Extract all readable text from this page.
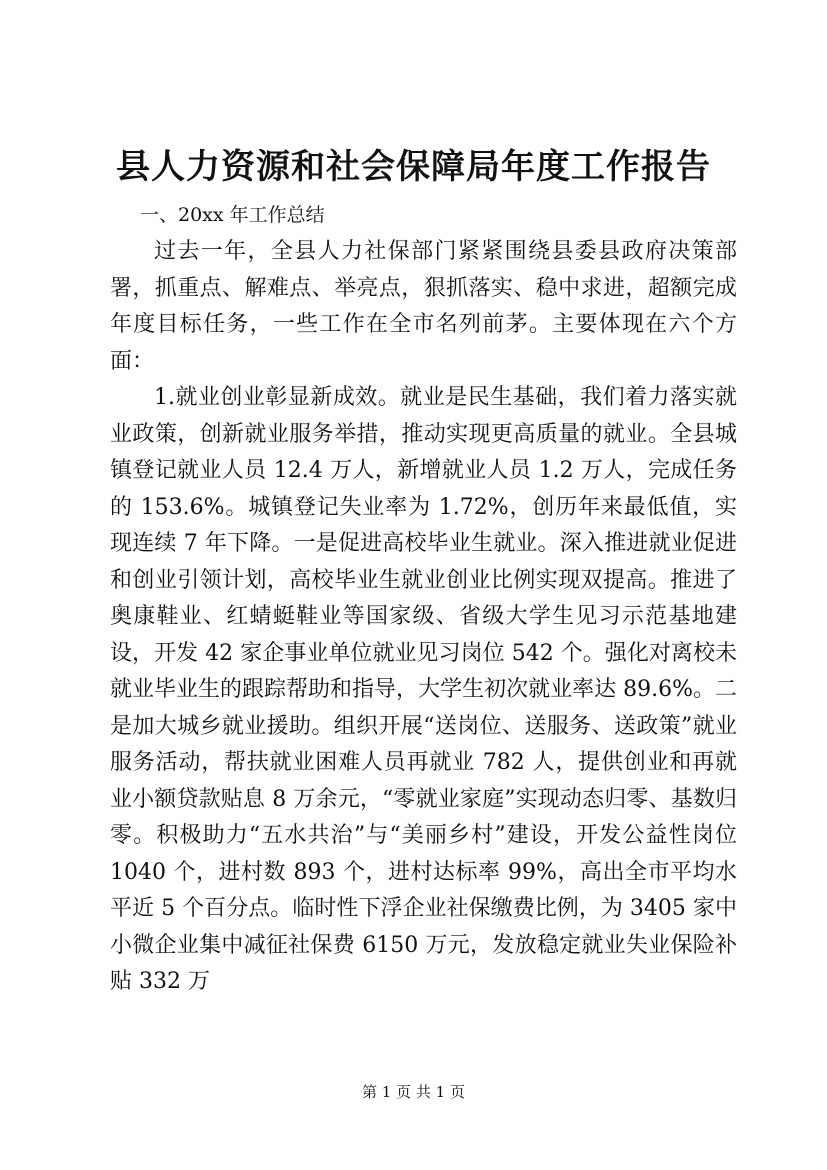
县人力资源和社会保障局年度工作报告
一、20xx 年工作总结

过去一年，全县人力社保部门紧紧围绕县委县政府决策部署，抓重点、解难点、举亮点，狠抓落实、稳中求进，超额完成年度目标任务，一些工作在全市名列前茅。主要体现在六个方面：

1.就业创业彰显新成效。就业是民生基础，我们着力落实就业政策，创新就业服务举措，推动实现更高质量的就业。全县城镇登记就业人员 12.4 万人，新增就业人员 1.2 万人，完成任务的 153.6%。城镇登记失业率为 1.72%，创历年来最低值，实现连续 7 年下降。一是促进高校毕业生就业。深入推进就业促进和创业引领计划，高校毕业生就业创业比例实现双提高。推进了奥康鞋业、红蜻蜓鞋业等国家级、省级大学生见习示范基地建设，开发 42 家企事业单位就业见习岗位 542 个。强化对离校未就业毕业生的跟踪帮助和指导，大学生初次就业率达 89.6%。二是加大城乡就业援助。组织开展“送岗位、送服务、送政策”就业服务活动，帮扶就业困难人员再就业 782 人，提供创业和再就业小额贷款贴息 8 万余元，“零就业家庭”实现动态归零、基数归零。积极助力“五水共治”与“美丽乡村”建设，开发公益性岗位 1040 个，进村数 893 个，进村达标率 99%，高出全市平均水平近 5 个百分点。临时性下浮企业社保缴费比例，为 3405 家中小微企业集中减征社保费 6150 万元，发放稳定就业失业保险补贴 332 万

第 1 页 共 1 页
